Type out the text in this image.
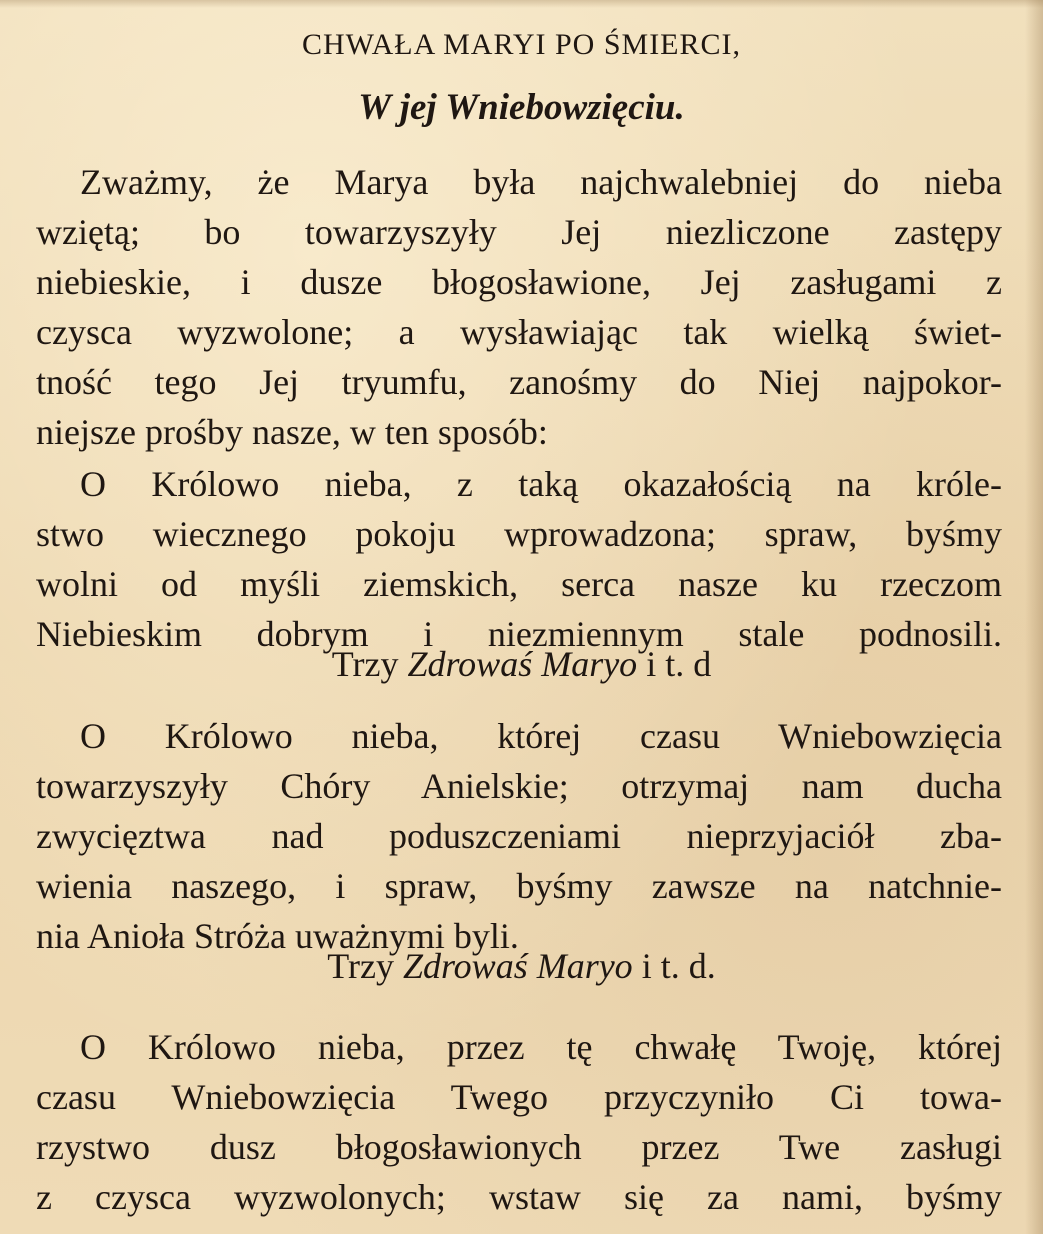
CHWAŁA MARYI PO ŚMIERCI,
W jej Wniebowzięciu.
Zważmy, że Marya była najchwalebniej do nieba
wziętą; bo towarzyszyły Jej niezliczone zastępy
niebieskie, i dusze błogosławione, Jej zasługami z
czysca wyzwolone; a wysławiając tak wielką świet-
tność tego Jej tryumfu, zanośmy do Niej najpokor-
niejsze prośby nasze, w ten sposób:
O Królowo nieba, z taką okazałością na króle-
stwo wiecznego pokoju wprowadzona; spraw, byśmy
wolni od myśli ziemskich, serca nasze ku rzeczom
Niebieskim dobrym i niezmiennym stale podnosili.
Trzy Zdrowaś Maryo i t. d
O Królowo nieba, której czasu Wniebowzięcia
towarzyszyły Chóry Anielskie; otrzymaj nam ducha
zwycięztwa nad poduszczeniami nieprzyjaciół zba-
wienia naszego, i spraw, byśmy zawsze na natchnie-
nia Anioła Stróża uważnymi byli.
Trzy Zdrowaś Maryo i t. d.
O Królowo nieba, przez tę chwałę Twoję, której
czasu Wniebowzięcia Twego przyczyniło Ci towa-
rzystwo dusz błogosławionych przez Twe zasługi
z czysca wyzwolonych; wstaw się za nami, byśmy
